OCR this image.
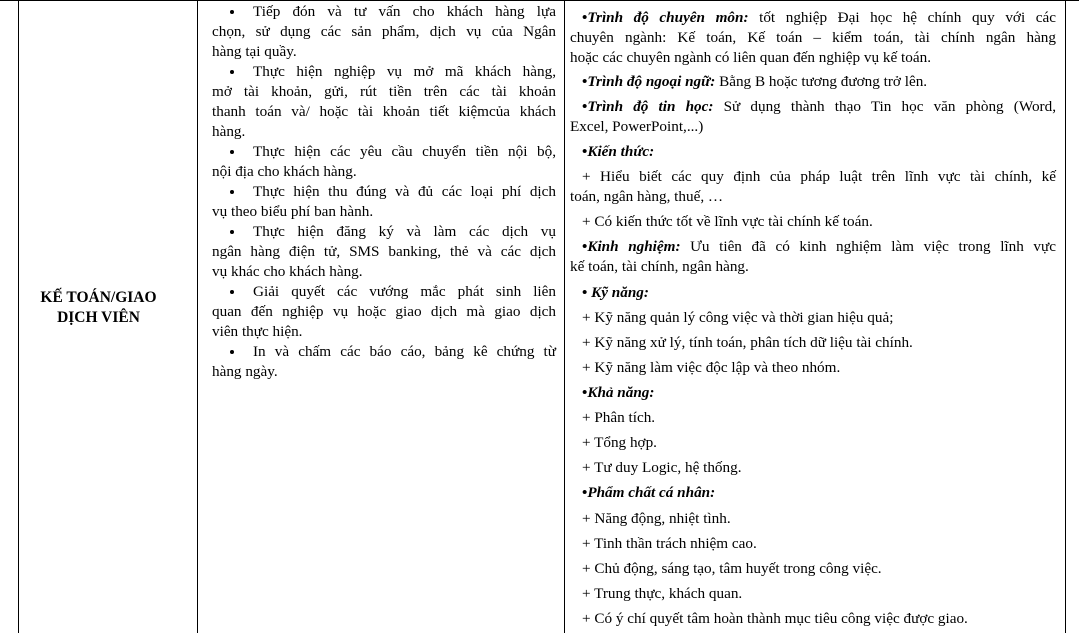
KẾ TOÁN/GIAO
DỊCH VIÊN
Tiếp đón và tư vấn cho khách hàng lựa
chọn, sử dụng các sản phẩm, dịch vụ của Ngân
hàng tại quầy.
Thực hiện nghiệp vụ mở mã khách hàng,
mở tài khoản, gửi, rút tiền trên các tài khoản
thanh toán và/ hoặc tài khoản tiết kiệmcủa khách
hàng.
Thực hiện các yêu cầu chuyển tiền nội bộ,
nội địa cho khách hàng.
Thực hiện thu đúng và đủ các loại phí dịch
vụ theo biểu phí ban hành.
Thực hiện đăng ký và làm các dịch vụ
ngân hàng điện tử, SMS banking, thẻ và các dịch
vụ khác cho khách hàng.
Giải quyết các vướng mắc phát sinh liên
quan đến nghiệp vụ hoặc giao dịch mà giao dịch
viên thực hiện.
In và chấm các báo cáo, bảng kê chứng từ
hàng ngày.
•Trình độ chuyên môn: tốt nghiệp Đại học hệ chính quy với các
chuyên ngành: Kế toán, Kế toán – kiểm toán, tài chính ngân hàng
hoặc các chuyên ngành có liên quan đến nghiệp vụ kế toán.
•Trình độ ngoại ngữ: Bằng B hoặc tương đương trở lên.
•Trình độ tin học: Sử dụng thành thạo Tin học văn phòng (Word,
Excel, PowerPoint,...)
•Kiến thức:
+ Hiểu biết các quy định của pháp luật trên lĩnh vực tài chính, kế
toán, ngân hàng, thuế, …
+ Có kiến thức tốt về lĩnh vực tài chính kế toán.
•Kinh nghiệm: Ưu tiên đã có kinh nghiệm làm việc trong lĩnh vực
kế toán, tài chính, ngân hàng.
• Kỹ năng:
+ Kỹ năng quản lý công việc và thời gian hiệu quả;
+ Kỹ năng xử lý, tính toán, phân tích dữ liệu tài chính.
+ Kỹ năng làm việc độc lập và theo nhóm.
•Khả năng:
+ Phân tích.
+ Tổng hợp.
+ Tư duy Logic, hệ thống.
•Phẩm chất cá nhân:
+ Năng động, nhiệt tình.
+ Tinh thần trách nhiệm cao.
+ Chủ động, sáng tạo, tâm huyết trong công việc.
+ Trung thực, khách quan.
+ Có ý chí quyết tâm hoàn thành mục tiêu công việc được giao.
